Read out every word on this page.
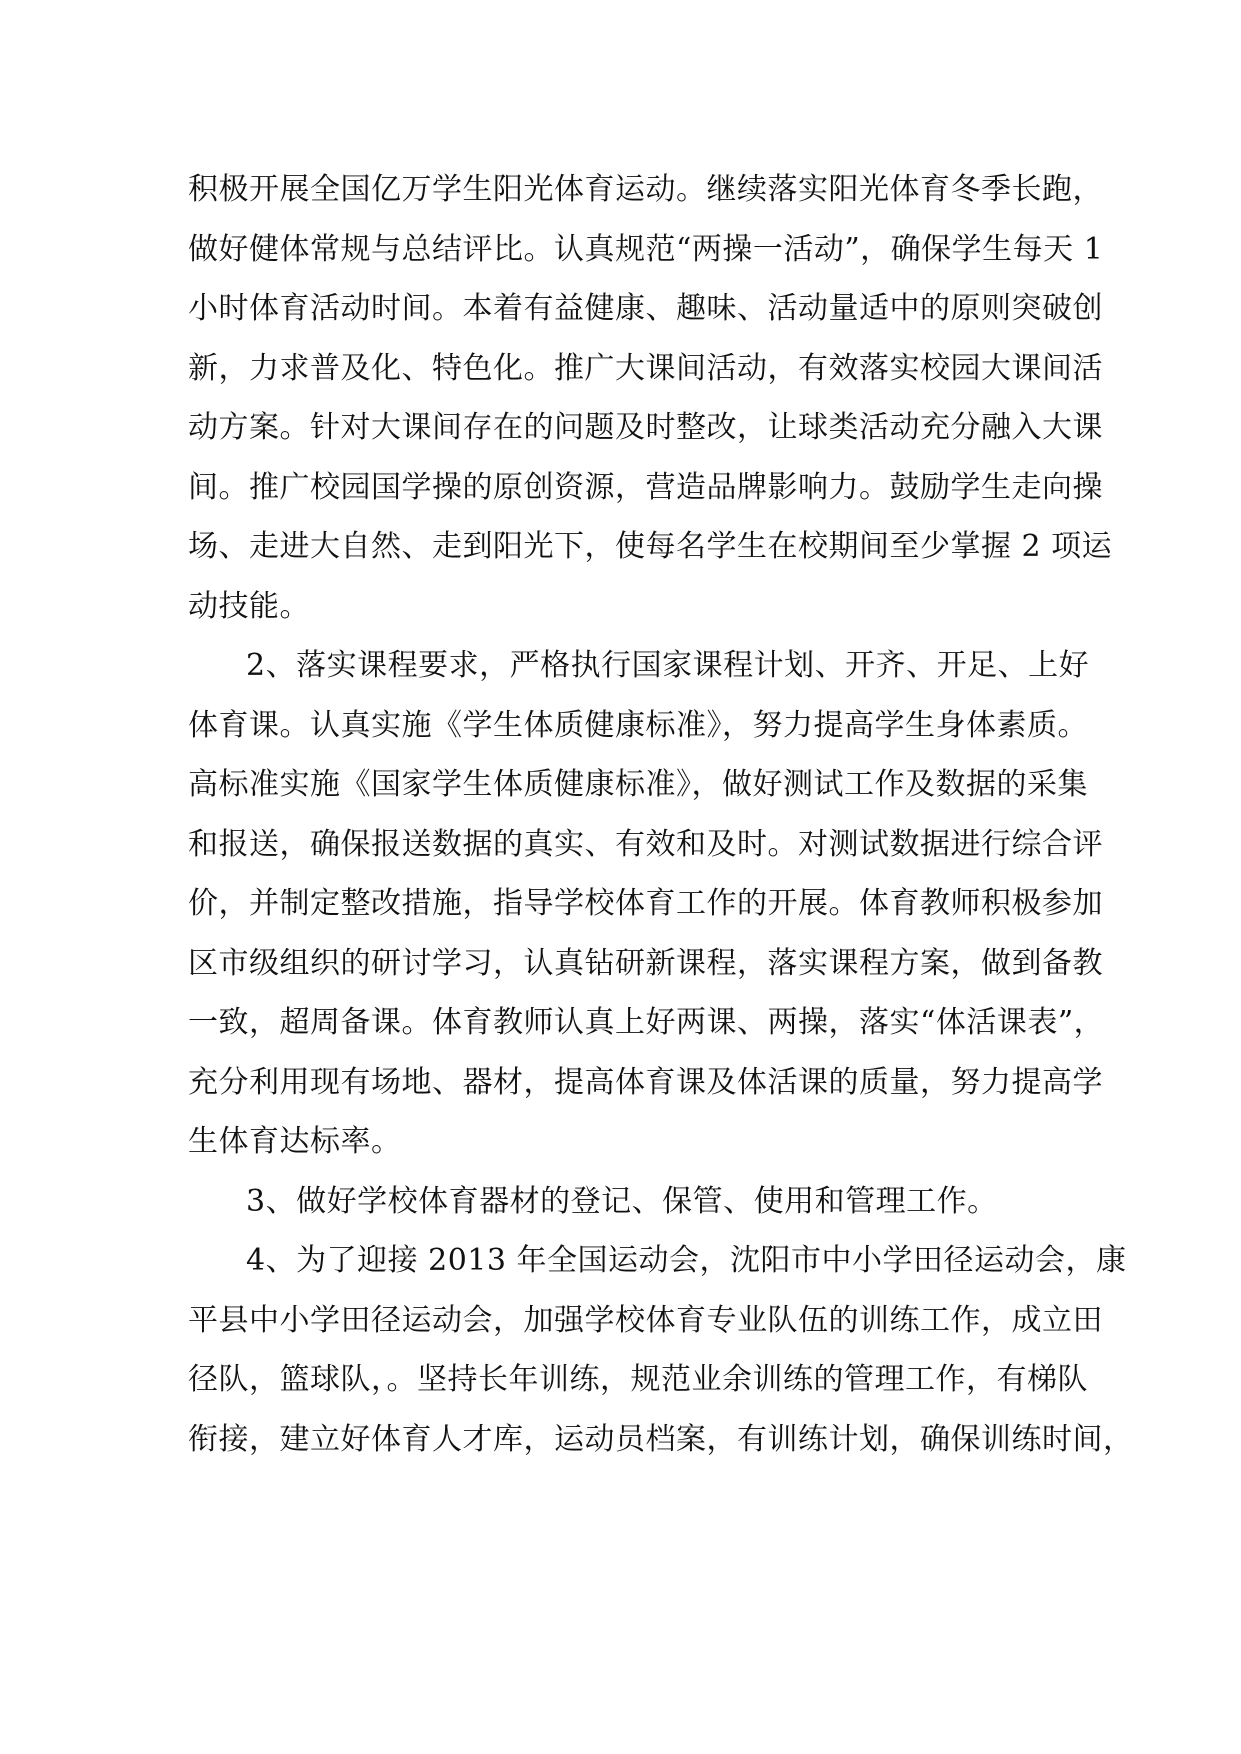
积极开展全国亿万学生阳光体育运动。继续落实阳光体育冬季长跑，
做好健体常规与总结评比。认真规范“两操一活动”，确保学生每天 1
小时体育活动时间。本着有益健康、趣味、活动量适中的原则突破创
新，力求普及化、特色化。推广大课间活动，有效落实校园大课间活
动方案。针对大课间存在的问题及时整改，让球类活动充分融入大课
间。推广校园国学操的原创资源，营造品牌影响力。鼓励学生走向操
场、走进大自然、走到阳光下，使每名学生在校期间至少掌握 2 项运
动技能。
2、落实课程要求，严格执行国家课程计划、开齐、开足、上好
体育课。认真实施《学生体质健康标准》，努力提高学生身体素质。
高标准实施《国家学生体质健康标准》，做好测试工作及数据的采集
和报送，确保报送数据的真实、有效和及时。对测试数据进行综合评
价，并制定整改措施，指导学校体育工作的开展。体育教师积极参加
区市级组织的研讨学习，认真钻研新课程，落实课程方案，做到备教
一致，超周备课。体育教师认真上好两课、两操，落实“体活课表”，
充分利用现有场地、器材，提高体育课及体活课的质量，努力提高学
生体育达标率。
3、做好学校体育器材的登记、保管、使用和管理工作。
4、为了迎接 2013 年全国运动会，沈阳市中小学田径运动会，康
平县中小学田径运动会，加强学校体育专业队伍的训练工作，成立田
径队，篮球队，。坚持长年训练，规范业余训练的管理工作，有梯队
衔接，建立好体育人才库，运动员档案，有训练计划，确保训练时间，
